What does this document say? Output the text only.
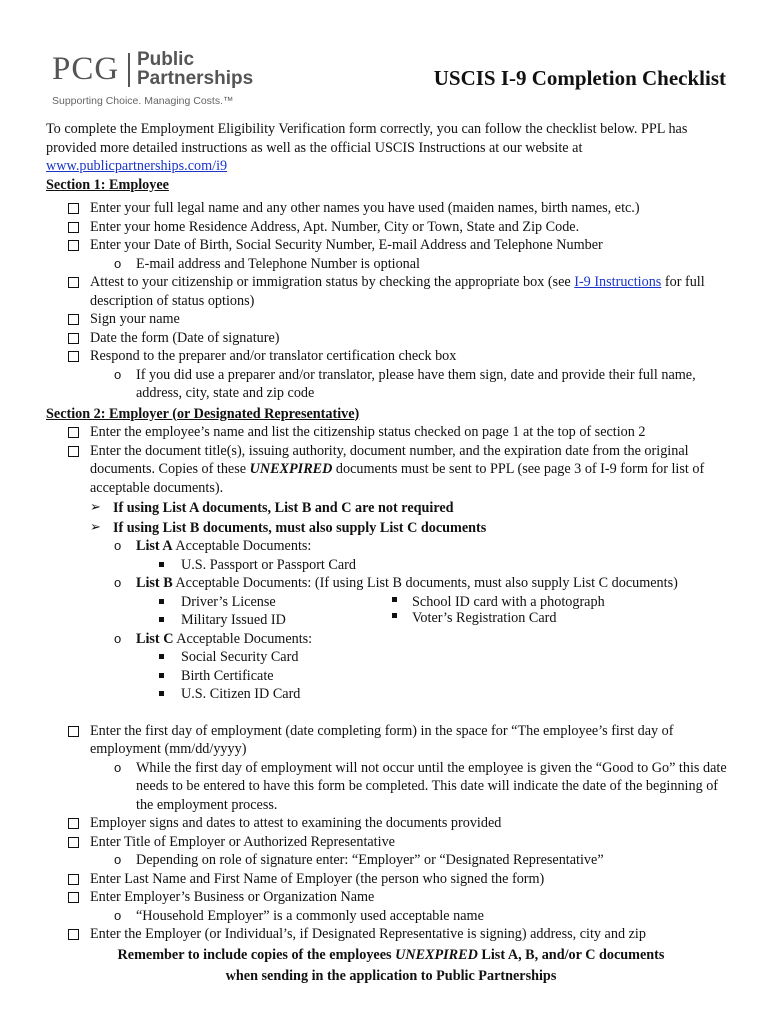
PCG Public
Partnerships
Supporting Choice. Managing Costs.™
USCIS I-9 Completion Checklist

To complete the Employment Eligibility Verification form correctly, you can follow the checklist below. PPL has provided more detailed instructions as well as the official USCIS Instructions at our website at www.publicpartnerships.com/i9

Section 1: Employee

Enter your full legal name and any other names you have used (maiden names, birth names, etc.)
Enter your home Residence Address, Apt. Number, City or Town, State and Zip Code.
Enter your Date of Birth, Social Security Number, E-mail Address and Telephone Number
o E-mail address and Telephone Number is optional
Attest to your citizenship or immigration status by checking the appropriate box (see I-9 Instructions for full description of status options)
Sign your name
Date the form (Date of signature)
Respond to the preparer and/or translator certification check box
o If you did use a preparer and/or translator, please have them sign, date and provide their full name, address, city, state and zip code

Section 2: Employer (or Designated Representative)

Enter the employee’s name and list the citizenship status checked on page 1 at the top of section 2
Enter the document title(s), issuing authority, document number, and the expiration date from the original documents. Copies of these UNEXPIRED documents must be sent to PPL (see page 3 of I-9 form for list of acceptable documents).
➢ If using List A documents, List B and C are not required
➢ If using List B documents, must also supply List C documents
o List A Acceptable Documents:
U.S. Passport or Passport Card
o List B Acceptable Documents: (If using List B documents, must also supply List C documents)
Driver’s License	School ID card with a photograph
Military Issued ID	Voter’s Registration Card
o List C Acceptable Documents:
Social Security Card
Birth Certificate
U.S. Citizen ID Card
Enter the first day of employment (date completing form) in the space for “The employee’s first day of employment (mm/dd/yyyy)
o While the first day of employment will not occur until the employee is given the “Good to Go” this date needs to be entered to have this form be completed. This date will indicate the date of the beginning of the employment process.
Employer signs and dates to attest to examining the documents provided
Enter Title of Employer or Authorized Representative
o Depending on role of signature enter: “Employer” or “Designated Representative”
Enter Last Name and First Name of Employer (the person who signed the form)
Enter Employer’s Business or Organization Name
o “Household Employer” is a commonly used acceptable name
Enter the Employer (or Individual’s, if Designated Representative is signing) address, city and zip
Remember to include copies of the employees UNEXPIRED List A, B, and/or C documents
when sending in the application to Public Partnerships
